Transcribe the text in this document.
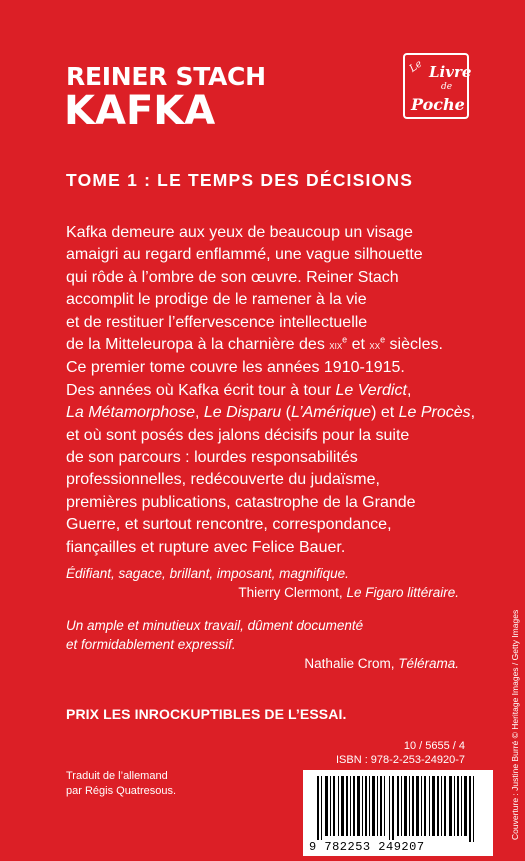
REINER STACH
KAFKA
Le Livre
de
Poche
TOME 1 : LE TEMPS DES DÉCISIONS
Kafka demeure aux yeux de beaucoup un visage
amaigri au regard enflammé, une vague silhouette
qui rôde à l’ombre de son œuvre. Reiner Stach
accomplit le prodige de le ramener à la vie
et de restituer l’effervescence intellectuelle
de la Mitteleuropa à la charnière des xix$^e$ et $xx^e$ siècles.
Ce premier tome couvre les années 1910-1915.
Des années où Kafka écrit tour à tour Le Verdict,
La Métamorphose, Le Disparu (L’Amérique) et Le Procès,
et où sont posés des jalons décisifs pour la suite
de son parcours : lourdes responsabilités
professionnelles, redécouverte du judaïsme,
premières publications, catastrophe de la Grande
Guerre, et surtout rencontre, correspondance,
fiançailles et rupture avec Felice Bauer.
Édifiant, sagace, brillant, imposant, magnifique.
Thierry Clermont, Le Figaro littéraire.
Un ample et minutieux travail, dûment documenté
et formidablement expressif.
Nathalie Crom, Télérama.
PRIX LES INROCKUPTIBLES DE L’ESSAI.
10 / 5655 / 4
ISBN : 978-2-253-24920-7
Traduit de l’allemand
par Régis Quatresous.	Couverture : Justine Burré © Heritage Images / Getty Images
9 782253 249207
